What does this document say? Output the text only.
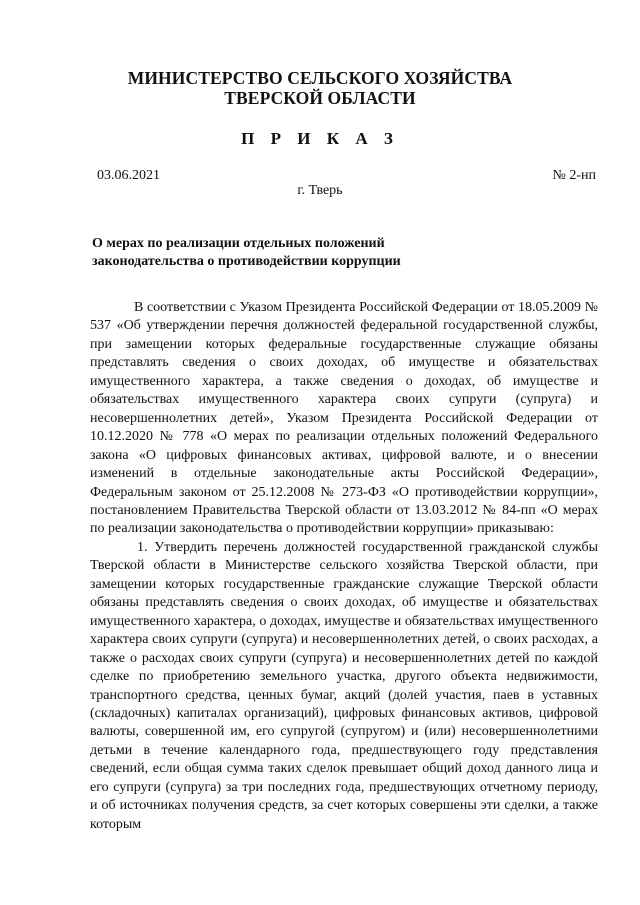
МИНИСТЕРСТВО СЕЛЬСКОГО ХОЗЯЙСТВА
ТВЕРСКОЙ ОБЛАСТИ
П Р И К А З
03.06.2021	№ 2-нп
г. Тверь
О мерах по реализации отдельных положений
законодательства о противодействии коррупции

В соответствии с Указом Президента Российской Федерации от 18.05.2009 № 537 «Об утверждении перечня должностей федеральной государственной службы, при замещении которых федеральные государственные служащие обязаны представлять сведения о своих доходах, об имуществе и обязательствах имущественного характера, а также сведения о доходах, об имуществе и обязательствах имущественного характера своих супруги (супруга) и несовершеннолетних детей», Указом Президента Российской Федерации от 10.12.2020 № 778 «О мерах по реализации отдельных положений Федерального закона «О цифровых финансовых активах, цифровой валюте, и о внесении изменений в отдельные законодательные акты Российской Федерации», Федеральным законом от 25.12.2008 № 273-ФЗ «О противодействии коррупции», постановлением Правительства Тверской области от 13.03.2012 № 84-пп «О мерах по реализации законодательства о противодействии коррупции» приказываю:

1. Утвердить перечень должностей государственной гражданской службы Тверской области в Министерстве сельского хозяйства Тверской области, при замещении которых государственные гражданские служащие Тверской области обязаны представлять сведения о своих доходах, об имуществе и обязательствах имущественного характера, о доходах, имуществе и обязательствах имущественного характера своих супруги (супруга) и несовершеннолетних детей, о своих расходах, а также о расходах своих супруги (супруга) и несовершеннолетних детей по каждой сделке по приобретению земельного участка, другого объекта недвижимости, транспортного средства, ценных бумаг, акций (долей участия, паев в уставных (складочных) капиталах организаций), цифровых финансовых активов, цифровой валюты, совершенной им, его супругой (супругом) и (или) несовершеннолетними детьми в течение календарного года, предшествующего году представления сведений, если общая сумма таких сделок превышает общий доход данного лица и его супруги (супруга) за три последних года, предшествующих отчетному периоду, и об источниках получения средств, за счет которых совершены эти сделки, а также которым
